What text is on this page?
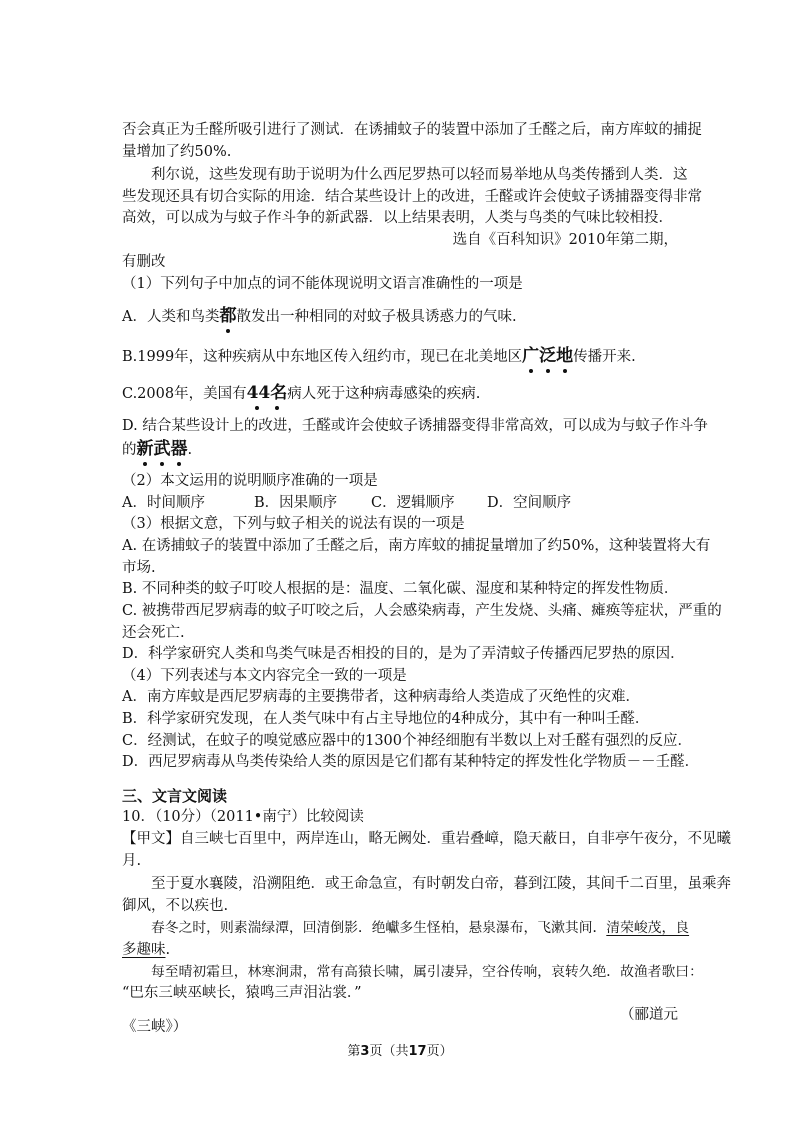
否会真正为壬醛所吸引进行了测试．在诱捕蚊子的装置中添加了壬醛之后，南方库蚊的捕捉
量增加了约50%.
利尔说，这些发现有助于说明为什么西尼罗热可以轻而易举地从鸟类传播到人类．这
些发现还具有切合实际的用途．结合某些设计上的改进，壬醛或许会使蚊子诱捕器变得非常
高效，可以成为与蚊子作斗争的新武器．以上结果表明，人类与鸟类的气味比较相投．
选自《百科知识》2010年第二期，
有删改
（1）下列句子中加点的词不能体现说明文语言准确性的一项是
A．人类和鸟类都
散发出一种相同的对蚊子极具诱惑力的气味.
B.1999年，这种疾病从中东地区传入纽约市，现已在北美地区广泛地
传播开来.
C.2008年，美国有44名
病人死于这种病毒感染的疾病.
D. 结合某些设计上的改进，壬醛或许会使蚊子诱捕器变得非常高效，可以成为与蚊子作斗争
的新武器
.
（2）本文运用的说明顺序准确的一项是
A．时间顺序	B．因果顺序 C．逻辑顺序 D．空间顺序
（3）根据文意，下列与蚊子相关的说法有误的一项是
A. 在诱捕蚊子的装置中添加了壬醛之后，南方库蚊的捕捉量增加了约50%，这种装置将大有
市场.
B. 不同种类的蚊子叮咬人根据的是：温度、二氧化碳、湿度和某种特定的挥发性物质．
C. 被携带西尼罗病毒的蚊子叮咬之后，人会感染病毒，产生发烧、头痛、瘫痪等症状，严重的
还会死亡.
D．科学家研究人类和鸟类气味是否相投的目的，是为了弄清蚊子传播西尼罗热的原因．
（4）下列表述与本文内容完全一致的一项是
A．南方库蚊是西尼罗病毒的主要携带者，这种病毒给人类造成了灭绝性的灾难．
B．科学家研究发现，在人类气味中有占主导地位的4种成分，其中有一种叫壬醛．
C．经测试，在蚊子的嗅觉感应器中的1300个神经细胞有半数以上对壬醛有强烈的反应．
D．西尼罗病毒从鸟类传染给人类的原因是它们都有某种特定的挥发性化学物质－－壬醛．
三、文言文阅读
10．（10分）（2011•南宁）比较阅读
【甲文】自三峡七百里中，两岸连山，略无阙处．重岩叠嶂，隐天蔽日，自非亭午夜分，不见曦
月.
至于夏水襄陵，沿溯阻绝．或王命急宣，有时朝发白帝，暮到江陵，其间千二百里，虽乘奔
御风，不以疾也.
春冬之时，则素湍绿潭，回清倒影．绝巘多生怪柏，悬泉瀑布，飞漱其间．清荣峻茂，良
多趣味.
每至晴初霜旦，林寒涧肃，常有高猿长啸，属引凄异，空谷传响，哀转久绝．故渔者歌曰：
“巴东三峡巫峡长，猿鸣三声泪沾裳．”
（郦道元
《三峡》）
第3页（共17页）
